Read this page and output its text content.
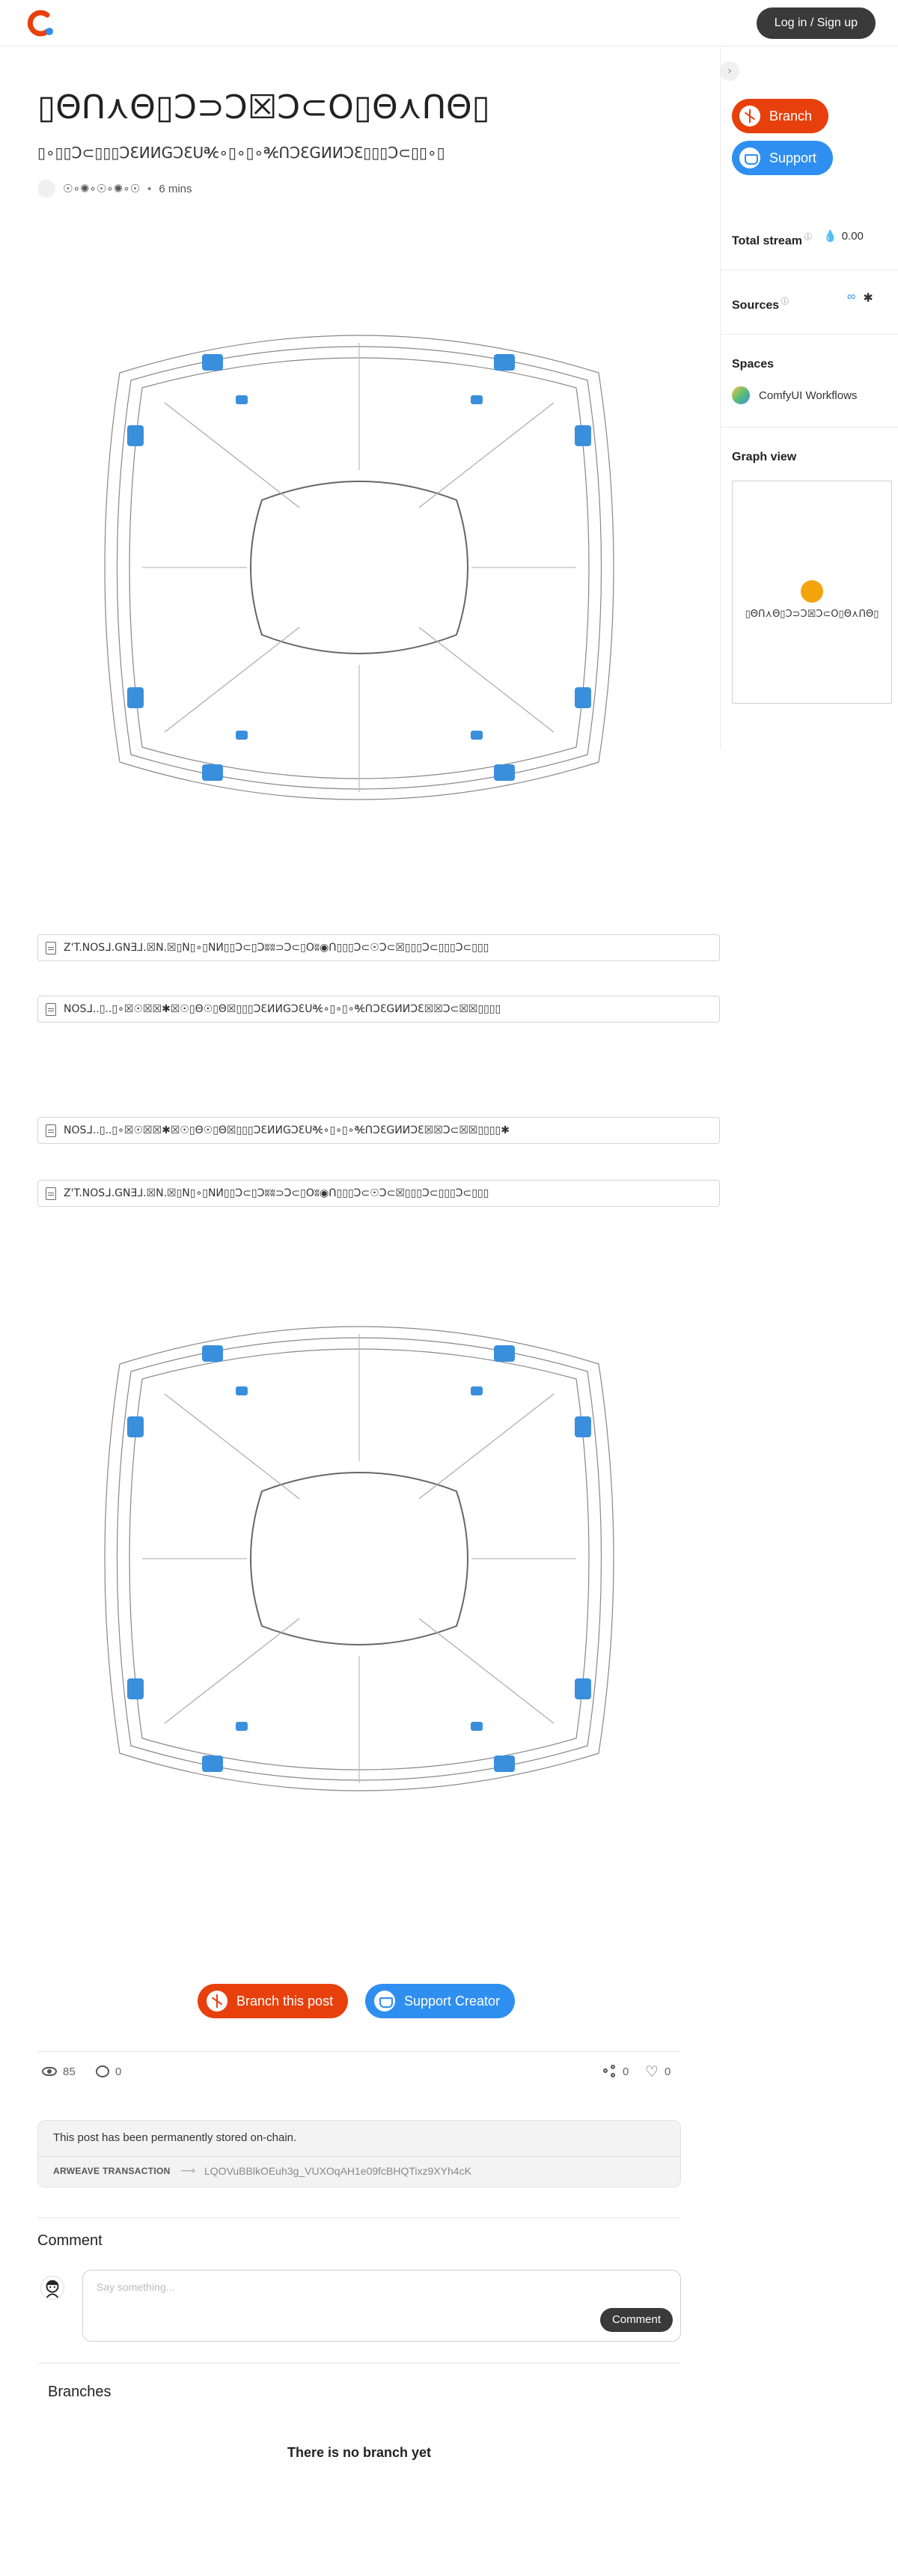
Log in / Sign up
▯ΘՈ⋏Θ▯Ɔ⊃Ͻ☒Ͻ⊂Ο▯Θ⋏ՈΘ▯
▯∘▯▯Ͻ⊂▯▯▯ϽƐИИGϽƐՍ℀∘▯∘▯∘℀ՈϽƐGИИϽƐ▯▯▯Ͻ⊂▯▯∘▯
☉∘✺∘☉∘✺∘☉ • 6 mins
Z'T.NOSᒧ.GNƎ⅃.☒N.☒▯N▯∘▯NИ▯▯Ͻ⊂▯Ͻʬʬ⊃Ͻ⊂▯Oʬ◉Ո▯▯▯Ͻ⊂☉Ͻ⊂☒▯▯▯Ͻ⊂▯▯▯Ͻ⊂▯▯▯
NOSᒧ..▯..▯∘☒☉☒☒✱☒☉▯Θ☉▯Θ☒▯▯▯ϽƐИИGϽƐՍ℀∘▯∘▯∘℀ՈϽƐGИИϽƐ☒☒Ͻ⊂☒☒▯▯▯▯
NOSᒧ..▯..▯∘☒☉☒☒✱☒☉▯Θ☉▯Θ☒▯▯▯ϽƐИИGϽƐՍ℀∘▯∘▯∘℀ՈϽƐGИИϽƐ☒☒Ͻ⊂☒☒▯▯▯▯✱
Z'T.NOSᒧ.GNƎ⅃.☒N.☒▯N▯∘▯NИ▯▯Ͻ⊂▯Ͻʬʬ⊃Ͻ⊂▯Oʬ◉Ո▯▯▯Ͻ⊂☉Ͻ⊂☒▯▯▯Ͻ⊂▯▯▯Ͻ⊂▯▯▯
Branch this post	Support Creator
85	0	0 ♡ 0
This post has been permanently stored on-chain.
ARWEAVE TRANSACTION ⟶ LQOVuBBlkOEuh3g_VUXOqAH1e09fcBHQTixz9XYh4cK
Comment
Say something...
Comment
Branches
There is no branch yet
›
Branch
Support
Total stream ⓘ 💧 0.00
Sources ⓘ	∞ ✱
Spaces
ComfyUI Workflows
Graph view
▯ΘՈ⋏Θ▯Ɔ⊃Ͻ☒Ͻ⊂Ο▯Θ⋏ՈΘ▯
